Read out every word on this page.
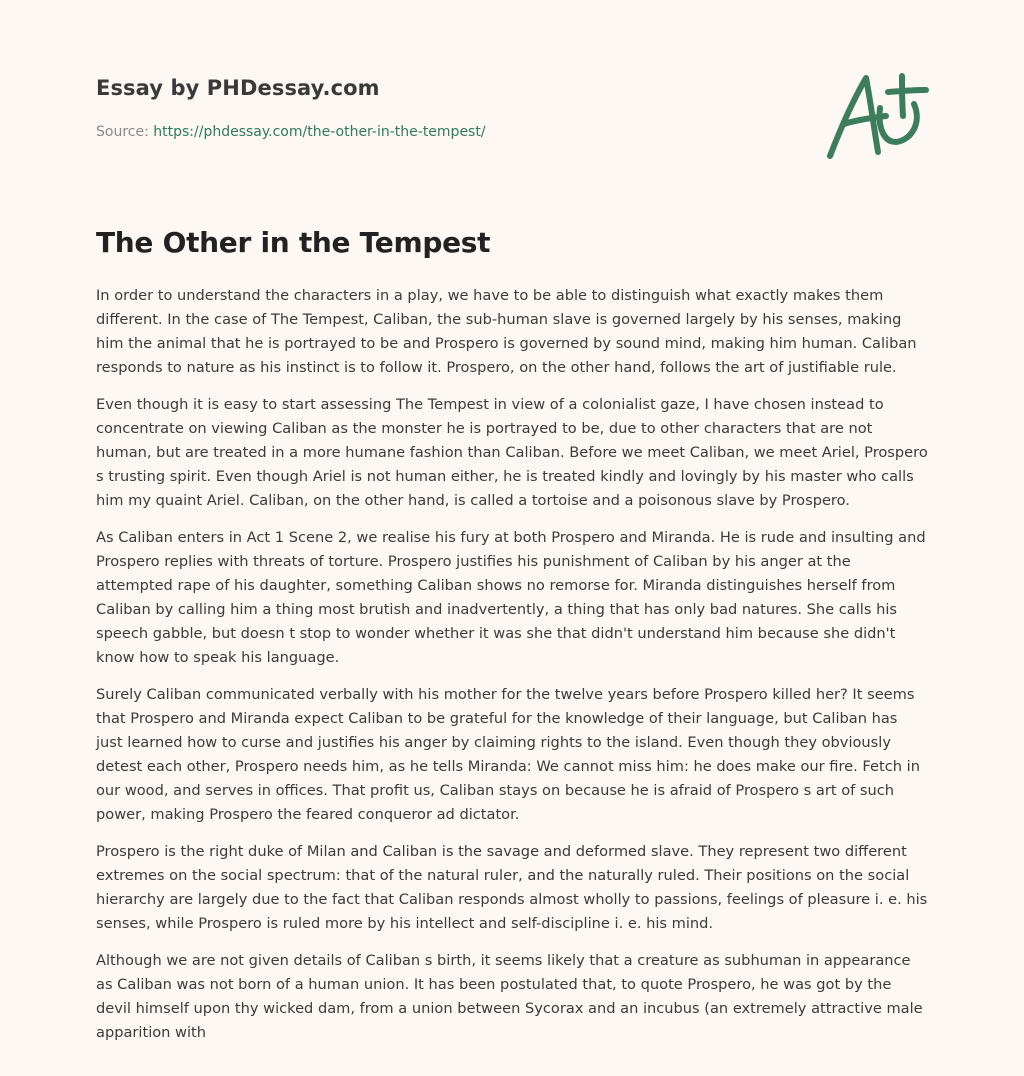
Essay by PHDessay.com
Source: https://phdessay.com/the-other-in-the-tempest/
The Other in the Tempest

In order to understand the characters in a play, we have to be able to distinguish what exactly makes them different. In the case of The Tempest, Caliban, the sub-human slave is governed largely by his senses, making him the animal that he is portrayed to be and Prospero is governed by sound mind, making him human. Caliban responds to nature as his instinct is to follow it. Prospero, on the other hand, follows the art of justifiable rule.

Even though it is easy to start assessing The Tempest in view of a colonialist gaze, I have chosen instead to concentrate on viewing Caliban as the monster he is portrayed to be, due to other characters that are not human, but are treated in a more humane fashion than Caliban. Before we meet Caliban, we meet Ariel, Prospero s trusting spirit. Even though Ariel is not human either, he is treated kindly and lovingly by his master who calls him my quaint Ariel. Caliban, on the other hand, is called a tortoise and a poisonous slave by Prospero.

As Caliban enters in Act 1 Scene 2, we realise his fury at both Prospero and Miranda. He is rude and insulting and Prospero replies with threats of torture. Prospero justifies his punishment of Caliban by his anger at the attempted rape of his daughter, something Caliban shows no remorse for. Miranda distinguishes herself from Caliban by calling him a thing most brutish and inadvertently, a thing that has only bad natures. She calls his speech gabble, but doesn t stop to wonder whether it was she that didn't understand him because she didn't know how to speak his language.

Surely Caliban communicated verbally with his mother for the twelve years before Prospero killed her? It seems that Prospero and Miranda expect Caliban to be grateful for the knowledge of their language, but Caliban has just learned how to curse and justifies his anger by claiming rights to the island. Even though they obviously detest each other, Prospero needs him, as he tells Miranda: We cannot miss him: he does make our fire. Fetch in our wood, and serves in offices. That profit us, Caliban stays on because he is afraid of Prospero s art of such power, making Prospero the feared conqueror ad dictator.

Prospero is the right duke of Milan and Caliban is the savage and deformed slave. They represent two different extremes on the social spectrum: that of the natural ruler, and the naturally ruled. Their positions on the social hierarchy are largely due to the fact that Caliban responds almost wholly to passions, feelings of pleasure i. e. his senses, while Prospero is ruled more by his intellect and self-discipline i. e. his mind.

Although we are not given details of Caliban s birth, it seems likely that a creature as subhuman in appearance as Caliban was not born of a human union. It has been postulated that, to quote Prospero, he was got by the devil himself upon thy wicked dam, from a union between Sycorax and an incubus (an extremely attractive male apparition with
